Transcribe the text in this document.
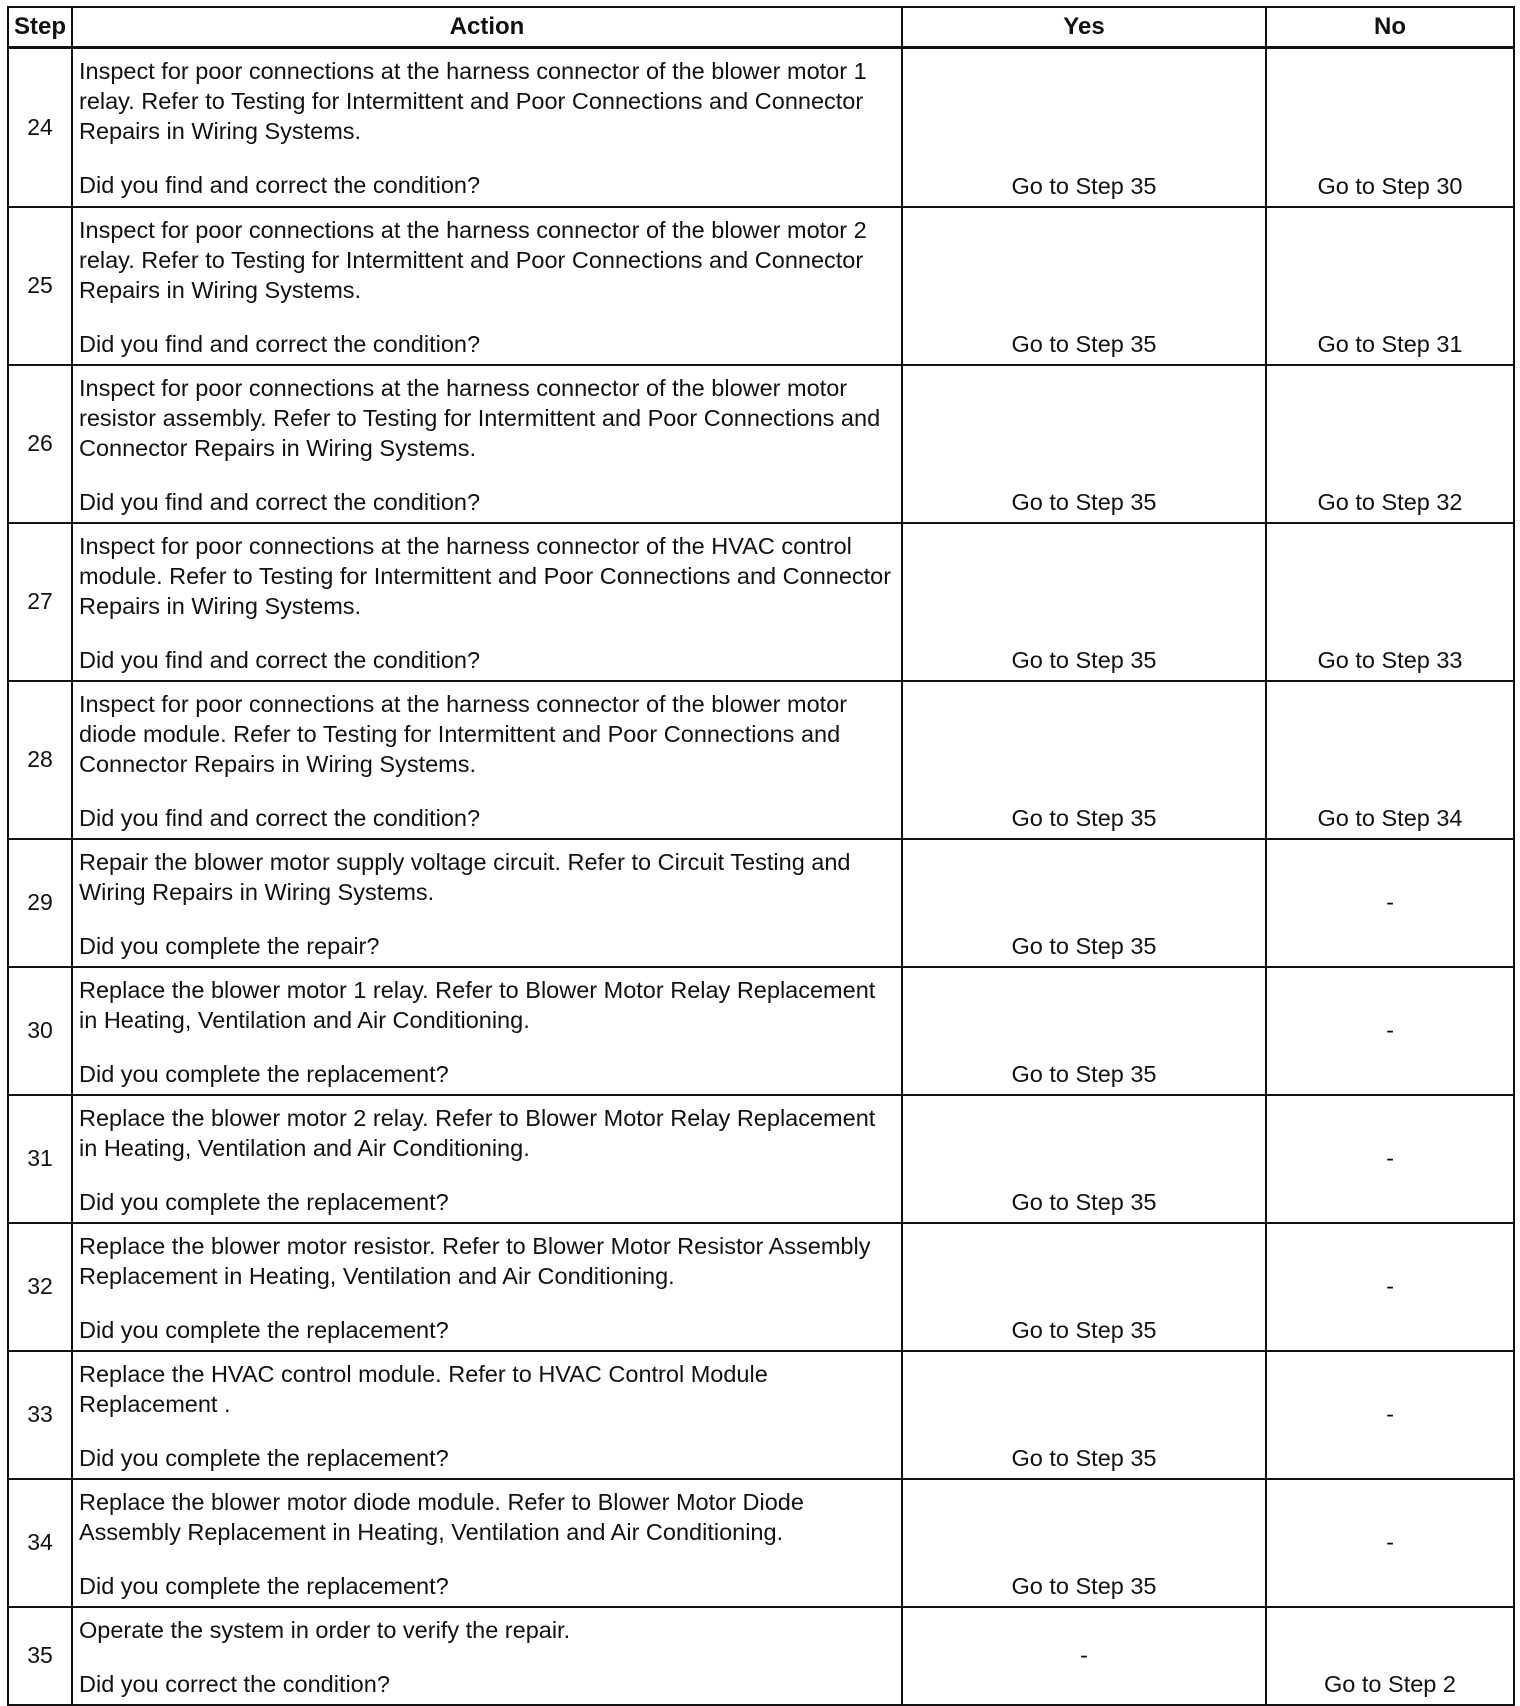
Step	Action	Yes	No
24	Inspect for poor connections at the harness connector of the blower motor 1 relay. Refer to Testing for Intermittent and Poor Connections and Connector Repairs in Wiring Systems.
Did you find and correct the condition?	Go to Step 35	Go to Step 30
25	Inspect for poor connections at the harness connector of the blower motor 2 relay. Refer to Testing for Intermittent and Poor Connections and Connector Repairs in Wiring Systems.
Did you find and correct the condition?	Go to Step 35	Go to Step 31
26	Inspect for poor connections at the harness connector of the blower motor resistor assembly. Refer to Testing for Intermittent and Poor Connections and Connector Repairs in Wiring Systems.
Did you find and correct the condition?	Go to Step 35	Go to Step 32
27	Inspect for poor connections at the harness connector of the HVAC control module. Refer to Testing for Intermittent and Poor Connections and Connector Repairs in Wiring Systems.
Did you find and correct the condition?	Go to Step 35	Go to Step 33
28	Inspect for poor connections at the harness connector of the blower motor diode module. Refer to Testing for Intermittent and Poor Connections and Connector Repairs in Wiring Systems.
Did you find and correct the condition?	Go to Step 35	Go to Step 34
29	Repair the blower motor supply voltage circuit. Refer to Circuit Testing and Wiring Repairs in Wiring Systems.
Did you complete the repair?	Go to Step 35	-
30	Replace the blower motor 1 relay. Refer to Blower Motor Relay Replacement in Heating, Ventilation and Air Conditioning.
Did you complete the replacement?	Go to Step 35	-
31	Replace the blower motor 2 relay. Refer to Blower Motor Relay Replacement in Heating, Ventilation and Air Conditioning.
Did you complete the replacement?	Go to Step 35	-
32	Replace the blower motor resistor. Refer to Blower Motor Resistor Assembly Replacement in Heating, Ventilation and Air Conditioning.
Did you complete the replacement?	Go to Step 35	-
33	Replace the HVAC control module. Refer to HVAC Control Module Replacement .
Did you complete the replacement?	Go to Step 35	-
34	Replace the blower motor diode module. Refer to Blower Motor Diode Assembly Replacement in Heating, Ventilation and Air Conditioning.
Did you complete the replacement?	Go to Step 35	-
35	Operate the system in order to verify the repair.
Did you correct the condition?	-	Go to Step 2
